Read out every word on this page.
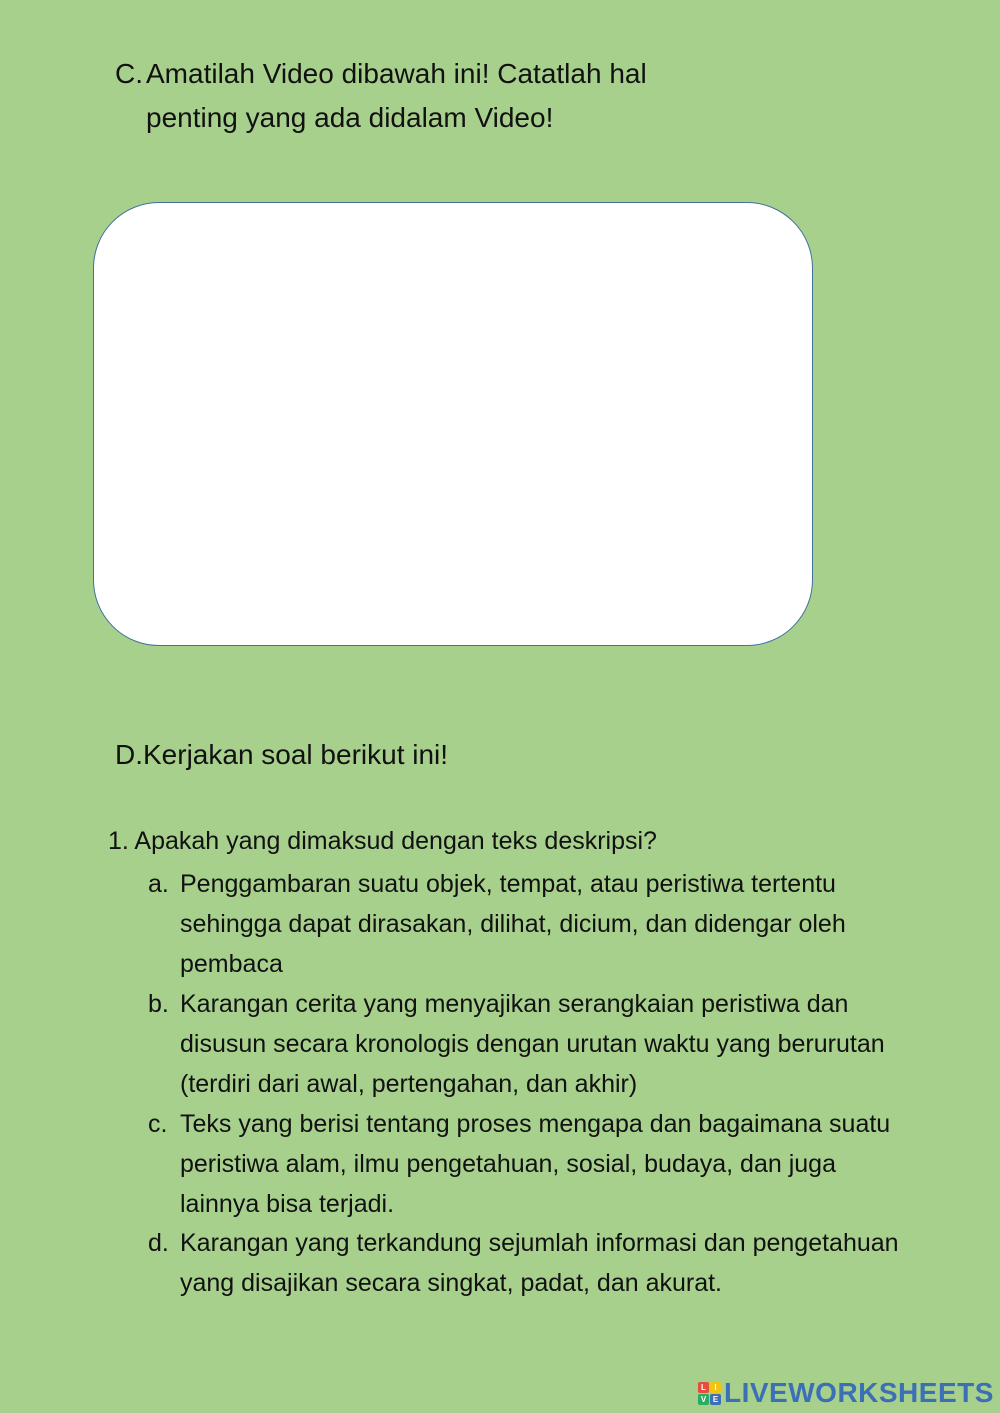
C. Amatilah Video dibawah ini! Catatlah hal
penting yang ada didalam Video!
D.Kerjakan soal berikut ini!
1. Apakah yang dimaksud dengan teks deskripsi?
a. Penggambaran suatu objek, tempat, atau peristiwa tertentu sehingga dapat dirasakan, dilihat, dicium, dan didengar oleh pembaca
b. Karangan cerita yang menyajikan serangkaian peristiwa dan disusun secara kronologis dengan urutan waktu yang berurutan (terdiri dari awal, pertengahan, dan akhir)
c. Teks yang berisi tentang proses mengapa dan bagaimana suatu peristiwa alam, ilmu pengetahuan, sosial, budaya, dan juga lainnya bisa terjadi.
d. Karangan yang terkandung sejumlah informasi dan pengetahuan yang disajikan secara singkat, padat, dan akurat.
L	I
V E LIVEWORKSHEETS
